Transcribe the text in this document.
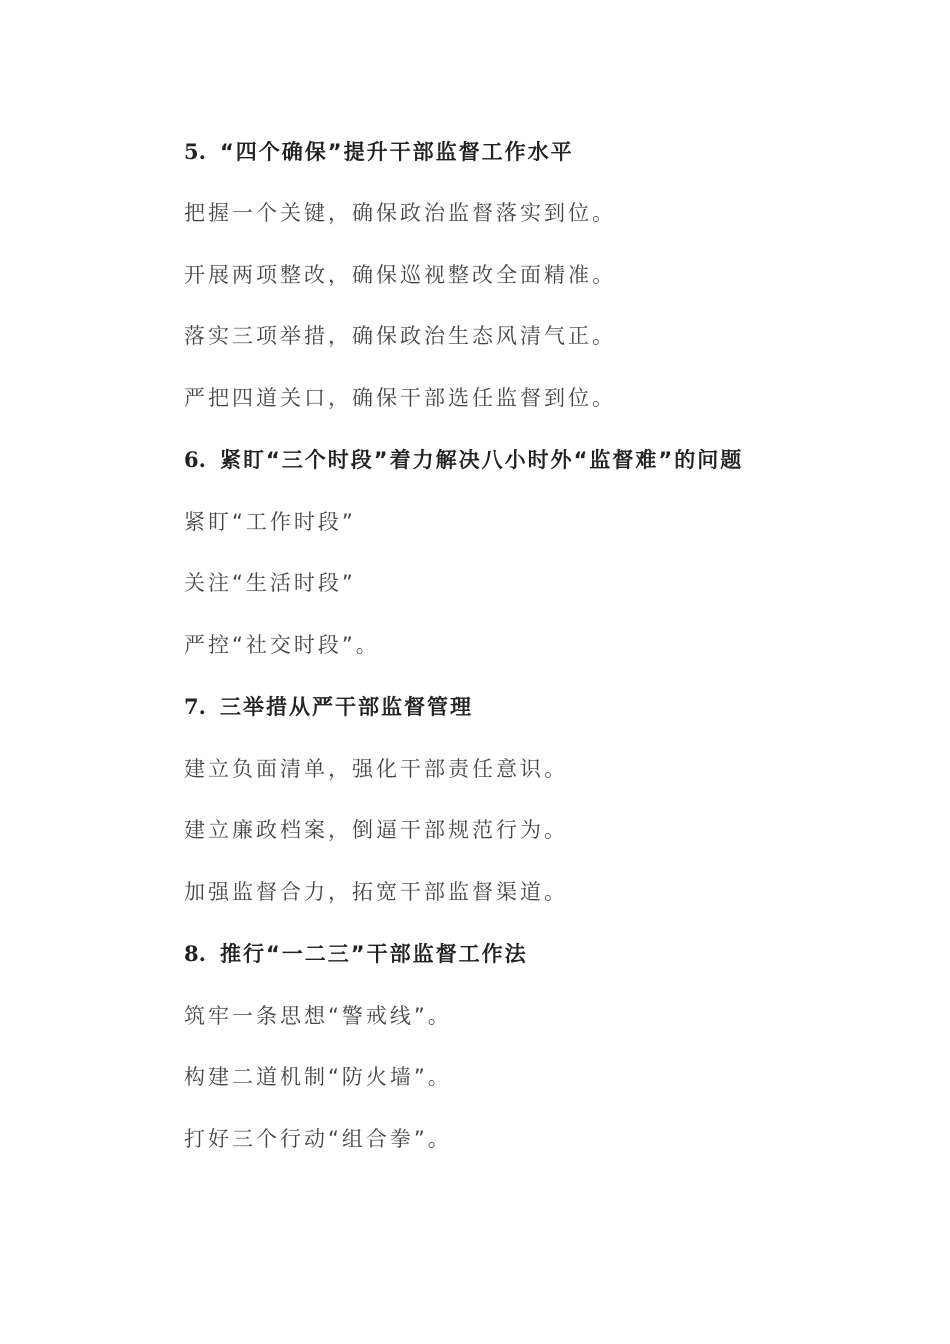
5. “四个确保”提升干部监督工作水平
把握一个关键，确保政治监督落实到位。
开展两项整改，确保巡视整改全面精准。
落实三项举措，确保政治生态风清气正。
严把四道关口，确保干部选任监督到位。
6. 紧盯“三个时段”着力解决八小时外“监督难”的问题
紧盯“工作时段”
关注“生活时段”
严控“社交时段”。
7. 三举措从严干部监督管理
建立负面清单，强化干部责任意识。
建立廉政档案，倒逼干部规范行为。
加强监督合力，拓宽干部监督渠道。
8. 推行“一二三”干部监督工作法
筑牢一条思想“警戒线”。
构建二道机制“防火墙”。
打好三个行动“组合拳”。
